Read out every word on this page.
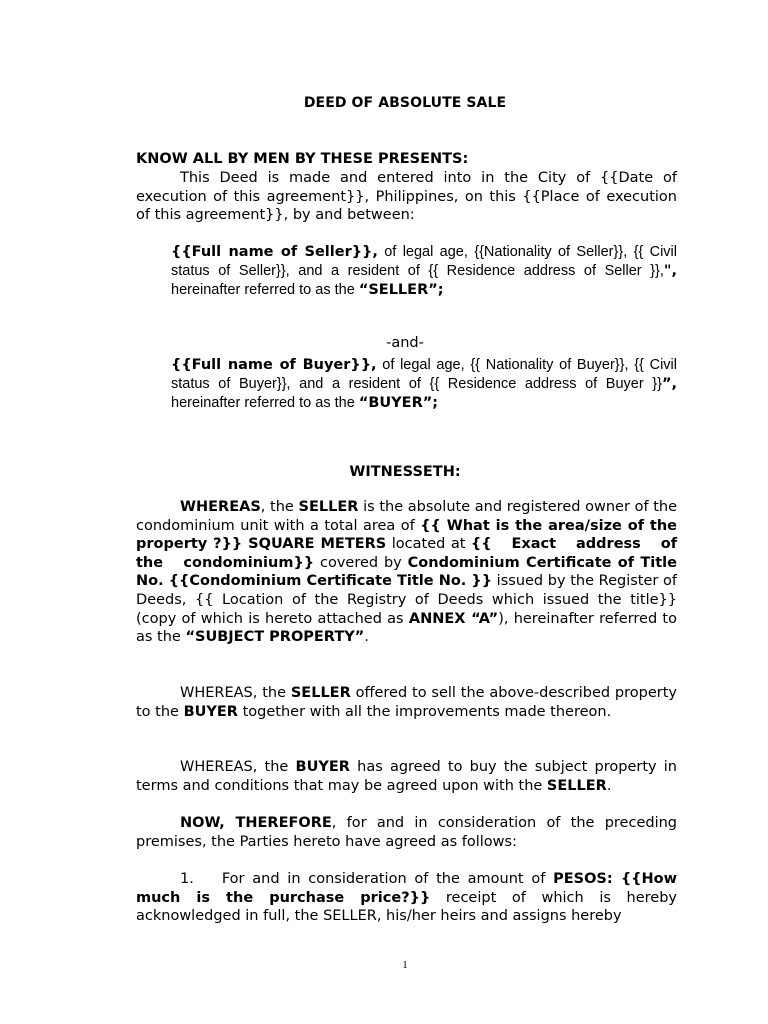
DEED OF ABSOLUTE SALE
KNOW ALL BY MEN BY THESE PRESENTS:

This Deed is made and entered into in the City of {{Date of execution of this agreement}}, Philippines, on this {{Place of execution of this agreement}}, by and between:

{{Full name of Seller}}, of legal age, {{Nationality of Seller}}, {{ Civil status of Seller}}, and a resident of {{ Residence address of Seller }},", hereinafter referred to as the “SELLER”;

-and-

{{Full name of Buyer}}, of legal age, {{ Nationality of Buyer}}, {{ Civil status of Buyer}}, and a resident of {{ Residence address of Buyer }}”, hereinafter referred to as the “BUYER”;

WITNESSETH:

WHEREAS, the SELLER is the absolute and registered owner of the condominium unit with a total area of {{ What is the area/size of the property ?}} SQUARE METERS located at {{ Exact address of the condominium}} covered by Condominium Certificate of Title No. {{Condominium Certificate Title No. }} issued by the Register of Deeds, {{ Location of the Registry of Deeds which issued the title}} (copy of which is hereto attached as ANNEX “A”), hereinafter referred to as the “SUBJECT PROPERTY”.

WHEREAS, the SELLER offered to sell the above-described property to the BUYER together with all the improvements made thereon.

WHEREAS, the BUYER has agreed to buy the subject property in terms and conditions that may be agreed upon with the SELLER.

NOW, THEREFORE, for and in consideration of the preceding premises, the Parties hereto have agreed as follows:

1. For and in consideration of the amount of PESOS: {{How much is the purchase price?}} receipt of which is hereby acknowledged in full, the SELLER, his/her heirs and assigns hereby

1
